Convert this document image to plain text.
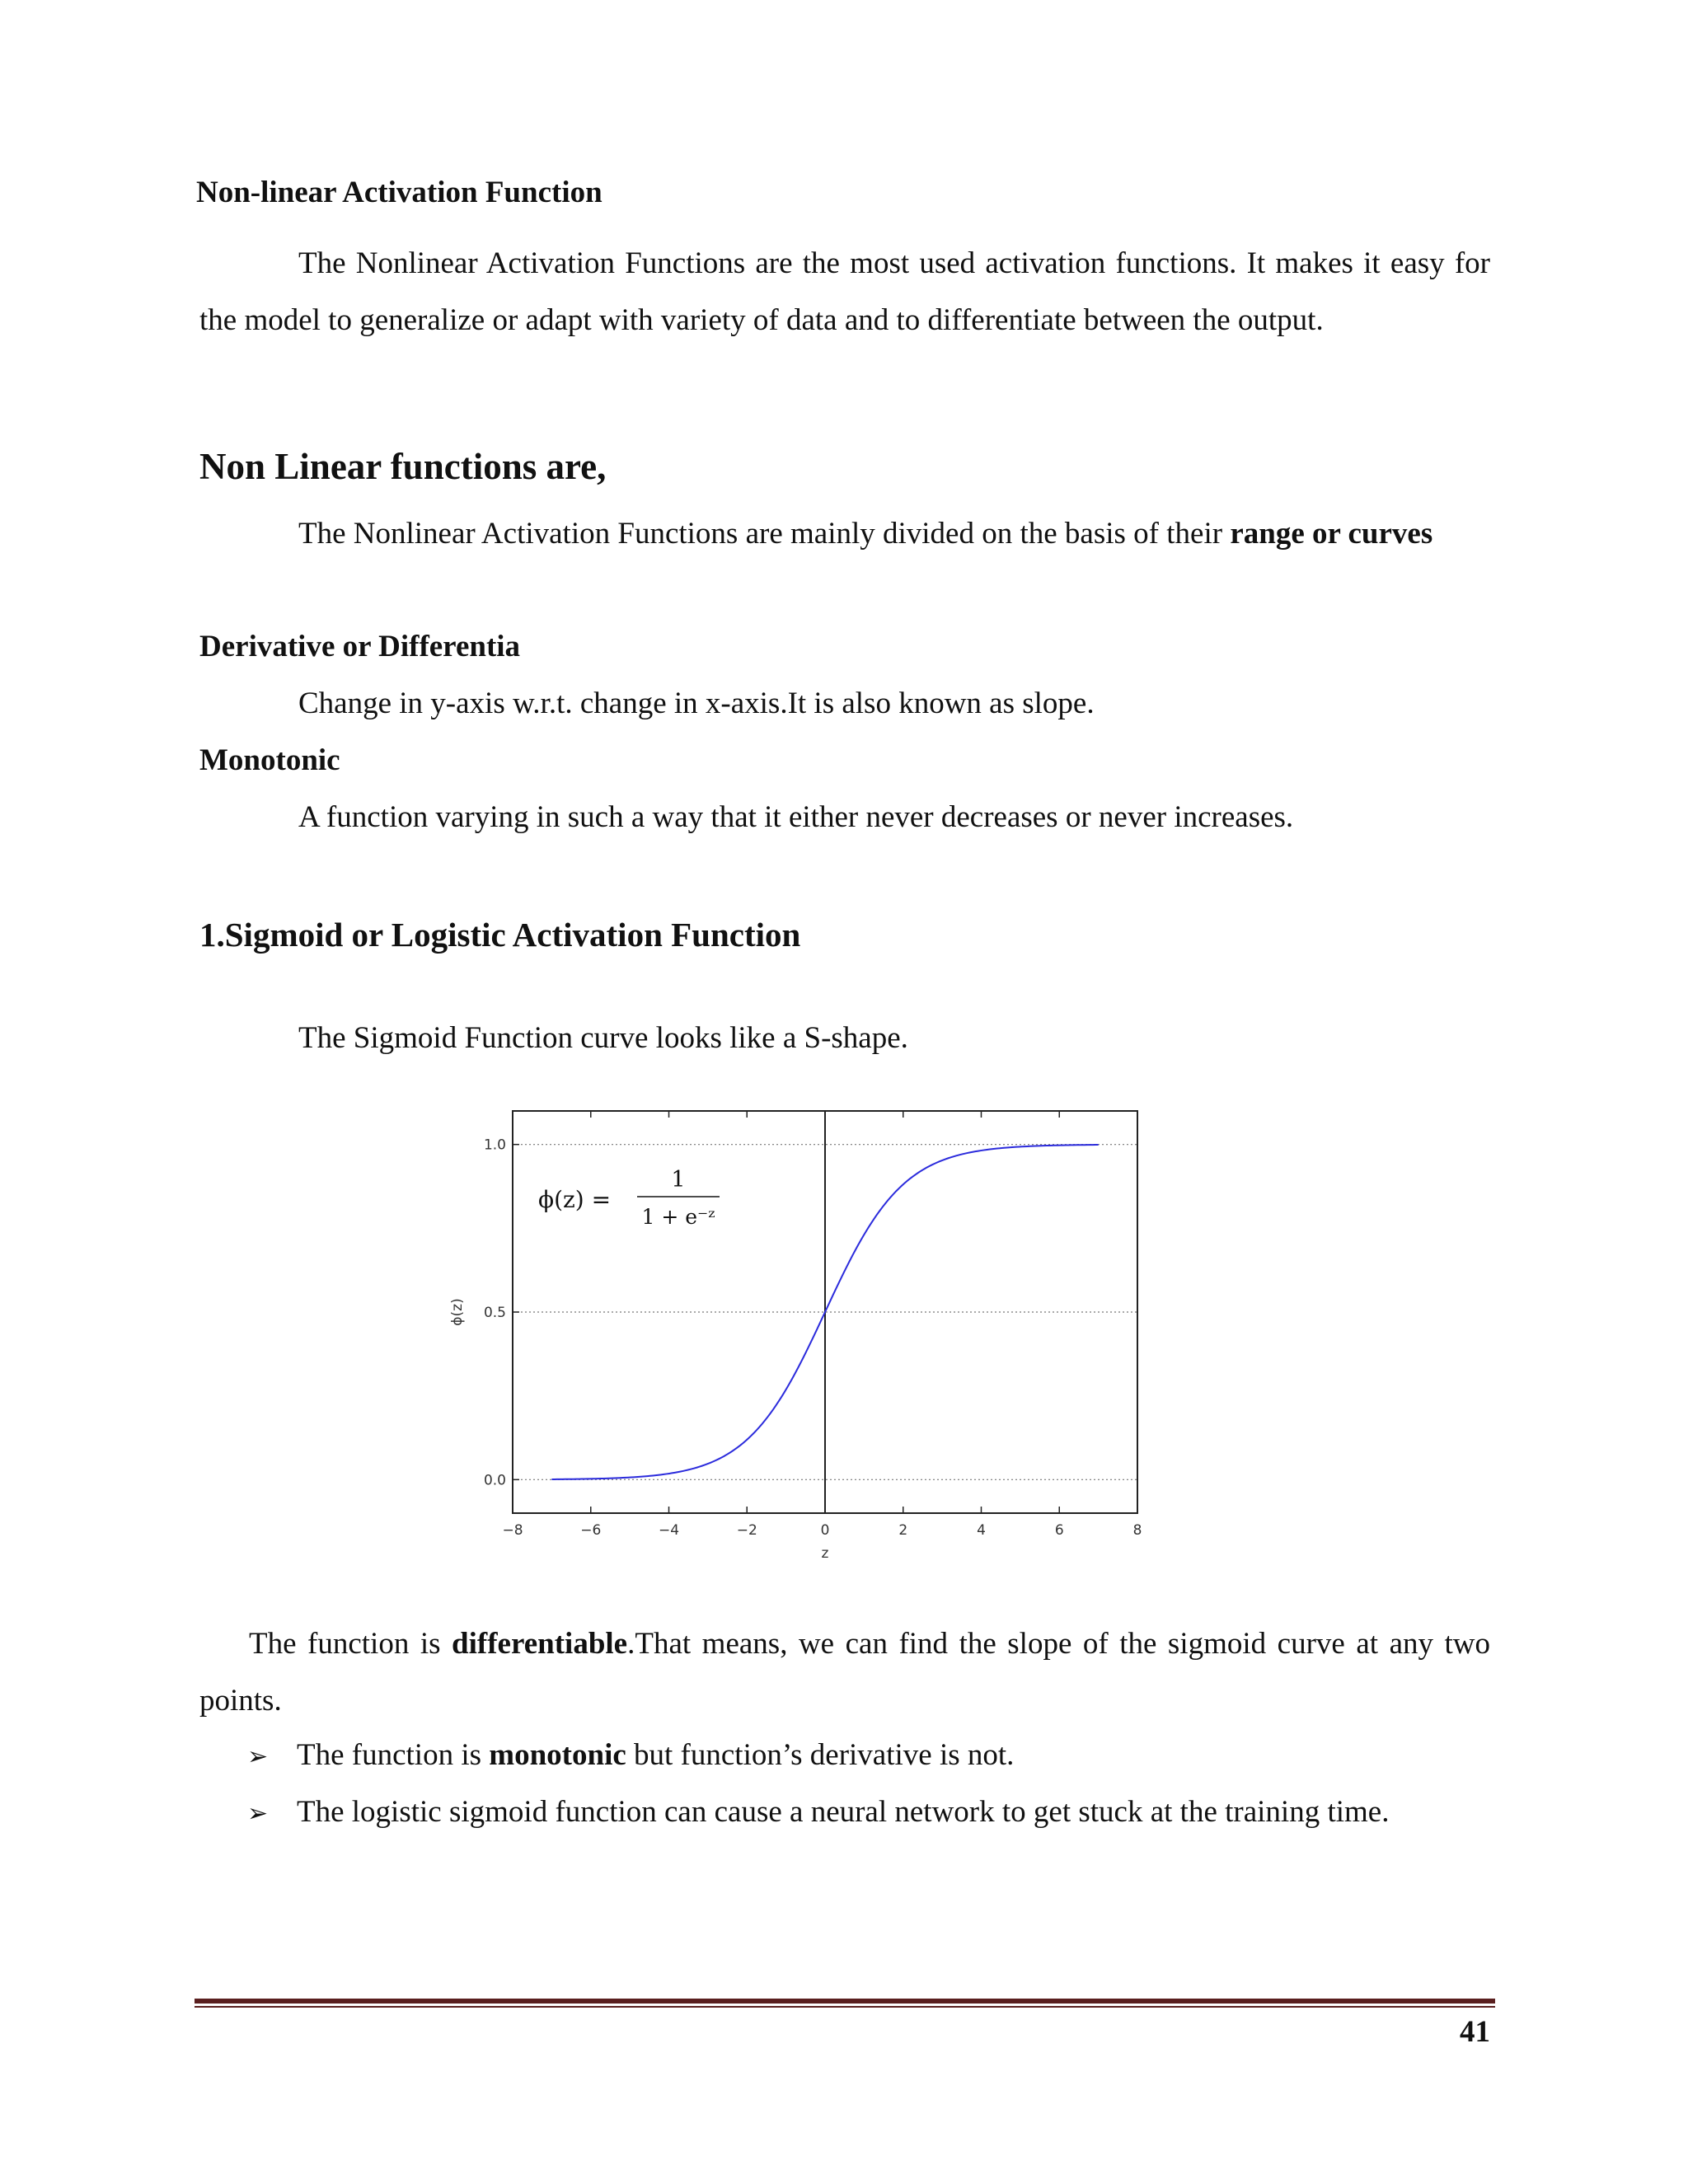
Non-linear Activation Function
The Nonlinear Activation Functions are the most used activation functions. It makes it easy for the model to generalize or adapt with variety of data and to differentiate between the output.
Non Linear functions are,
The Nonlinear Activation Functions are mainly divided on the basis of their range or curves
Derivative or Differentia
Change in y-axis w.r.t. change in x-axis.It is also known as slope.
Monotonic
A function varying in such a way that it either never decreases or never increases.
1.Sigmoid or Logistic Activation Function
The Sigmoid Function curve looks like a S-shape.
−8	−6	−4	−2	0	2	4	6	8
0.0
0.5
1.0
ϕ(z) =
1
1 + e⁻ᶻ
z
ϕ(z)
The function is differentiable.That means, we can find the slope of the sigmoid curve at any two points.
➢ The function is monotonic but function’s derivative is not.
➢ The logistic sigmoid function can cause a neural network to get stuck at the training time.
41
